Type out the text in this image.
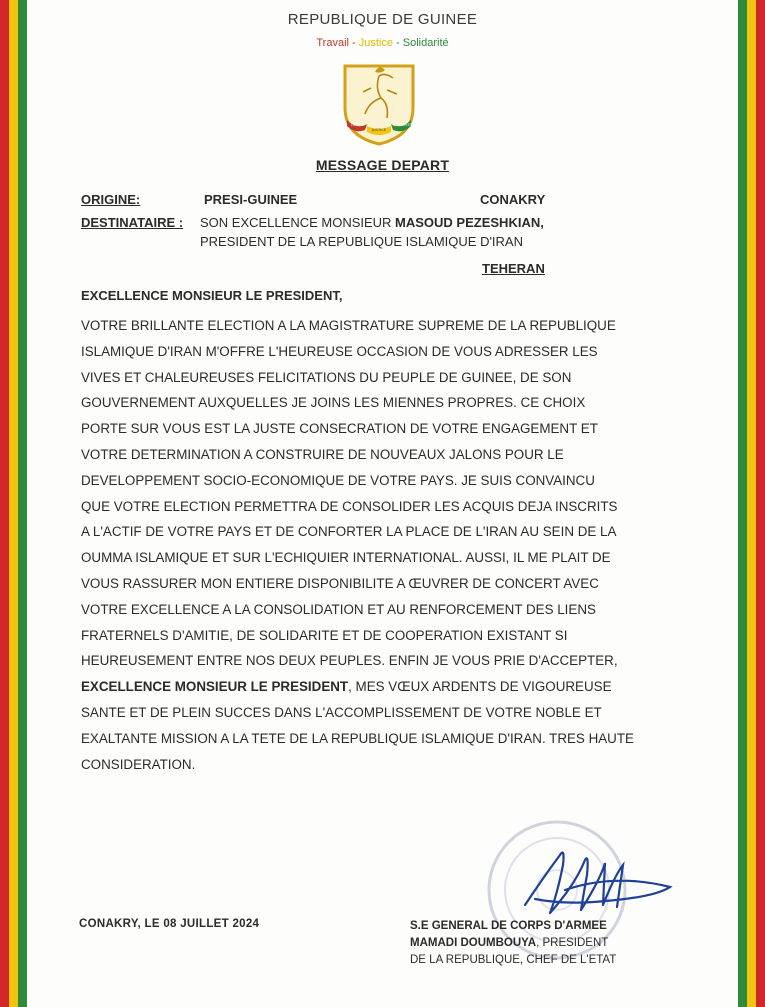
REPUBLIQUE DE GUINEE
Travail - Justice - Solidarité
JUSTICE
TRAVAIL	SOLIDARITE
MESSAGE DEPART
ORIGINE:	PRESI-GUINEE	CONAKRY
DESTINATAIRE : SON EXCELLENCE MONSIEUR MASOUD PEZESHKIAN,
PRESIDENT DE LA REPUBLIQUE ISLAMIQUE D'IRAN
TEHERAN
EXCELLENCE MONSIEUR LE PRESIDENT,
VOTRE BRILLANTE ELECTION A LA MAGISTRATURE SUPREME DE LA REPUBLIQUE
ISLAMIQUE D'IRAN M'OFFRE L'HEUREUSE OCCASION DE VOUS ADRESSER LES
VIVES ET CHALEUREUSES FELICITATIONS DU PEUPLE DE GUINEE, DE SON
GOUVERNEMENT AUXQUELLES JE JOINS LES MIENNES PROPRES. CE CHOIX
PORTE SUR VOUS EST LA JUSTE CONSECRATION DE VOTRE ENGAGEMENT ET
VOTRE DETERMINATION A CONSTRUIRE DE NOUVEAUX JALONS POUR LE
DEVELOPPEMENT SOCIO-ECONOMIQUE DE VOTRE PAYS. JE SUIS CONVAINCU
QUE VOTRE ELECTION PERMETTRA DE CONSOLIDER LES ACQUIS DEJA INSCRITS
A L'ACTIF DE VOTRE PAYS ET DE CONFORTER LA PLACE DE L'IRAN AU SEIN DE LA
OUMMA ISLAMIQUE ET SUR L'ECHIQUIER INTERNATIONAL. AUSSI, IL ME PLAIT DE
VOUS RASSURER MON ENTIERE DISPONIBILITE A ŒUVRER DE CONCERT AVEC
VOTRE EXCELLENCE A LA CONSOLIDATION ET AU RENFORCEMENT DES LIENS
FRATERNELS D'AMITIE, DE SOLIDARITE ET DE COOPERATION EXISTANT SI
HEUREUSEMENT ENTRE NOS DEUX PEUPLES. ENFIN JE VOUS PRIE D'ACCEPTER,
EXCELLENCE MONSIEUR LE PRESIDENT , MES VŒUX ARDENTS DE VIGOUREUSE
SANTE ET DE PLEIN SUCCES DANS L'ACCOMPLISSEMENT DE VOTRE NOBLE ET
EXALTANTE MISSION A LA TETE DE LA REPUBLIQUE ISLAMIQUE D'IRAN. TRES HAUTE
CONSIDERATION.
CONAKRY, LE 08 JUILLET 2024	S.E GENERAL DE CORPS D'ARMEE
MAMADI DOUMBOUYA, PRESIDENT
DE LA REPUBLIQUE, CHEF DE L'ETAT
